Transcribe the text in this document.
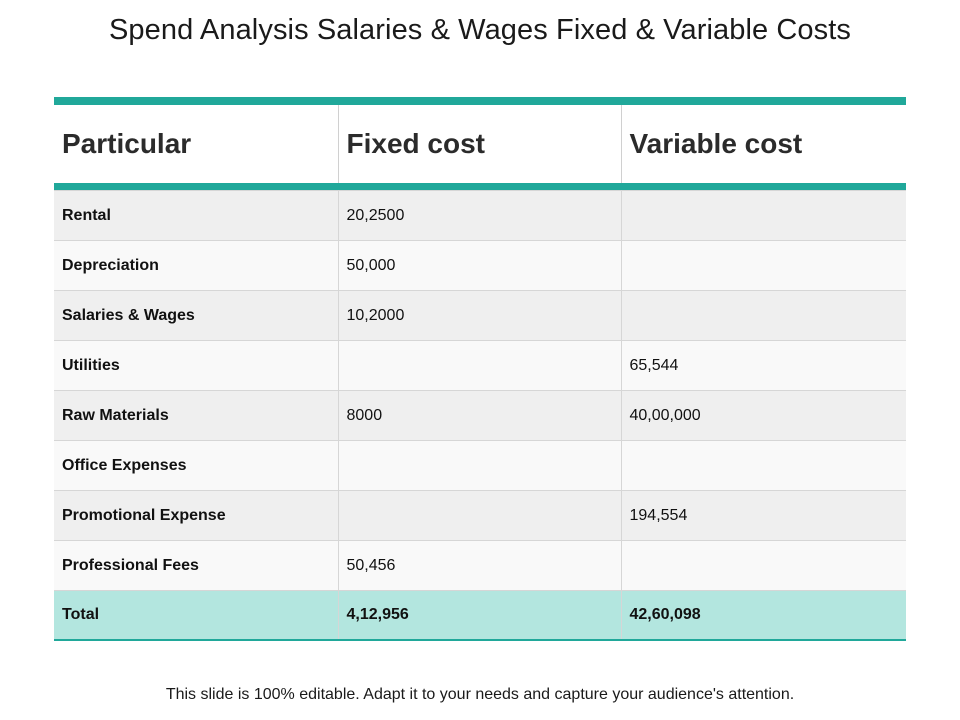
Spend Analysis Salaries & Wages Fixed & Variable Costs
Particular	Fixed cost	Variable cost

Rental	20,2500	
Depreciation	50,000	
Salaries & Wages	10,2000	
Utilities		65,544
Raw Materials	8000	40,00,000
Office Expenses		
Promotional Expense		194,554
Professional Fees	50,456	
Total	4,12,956	42,60,098
This slide is 100% editable. Adapt it to your needs and capture your audience's attention.
